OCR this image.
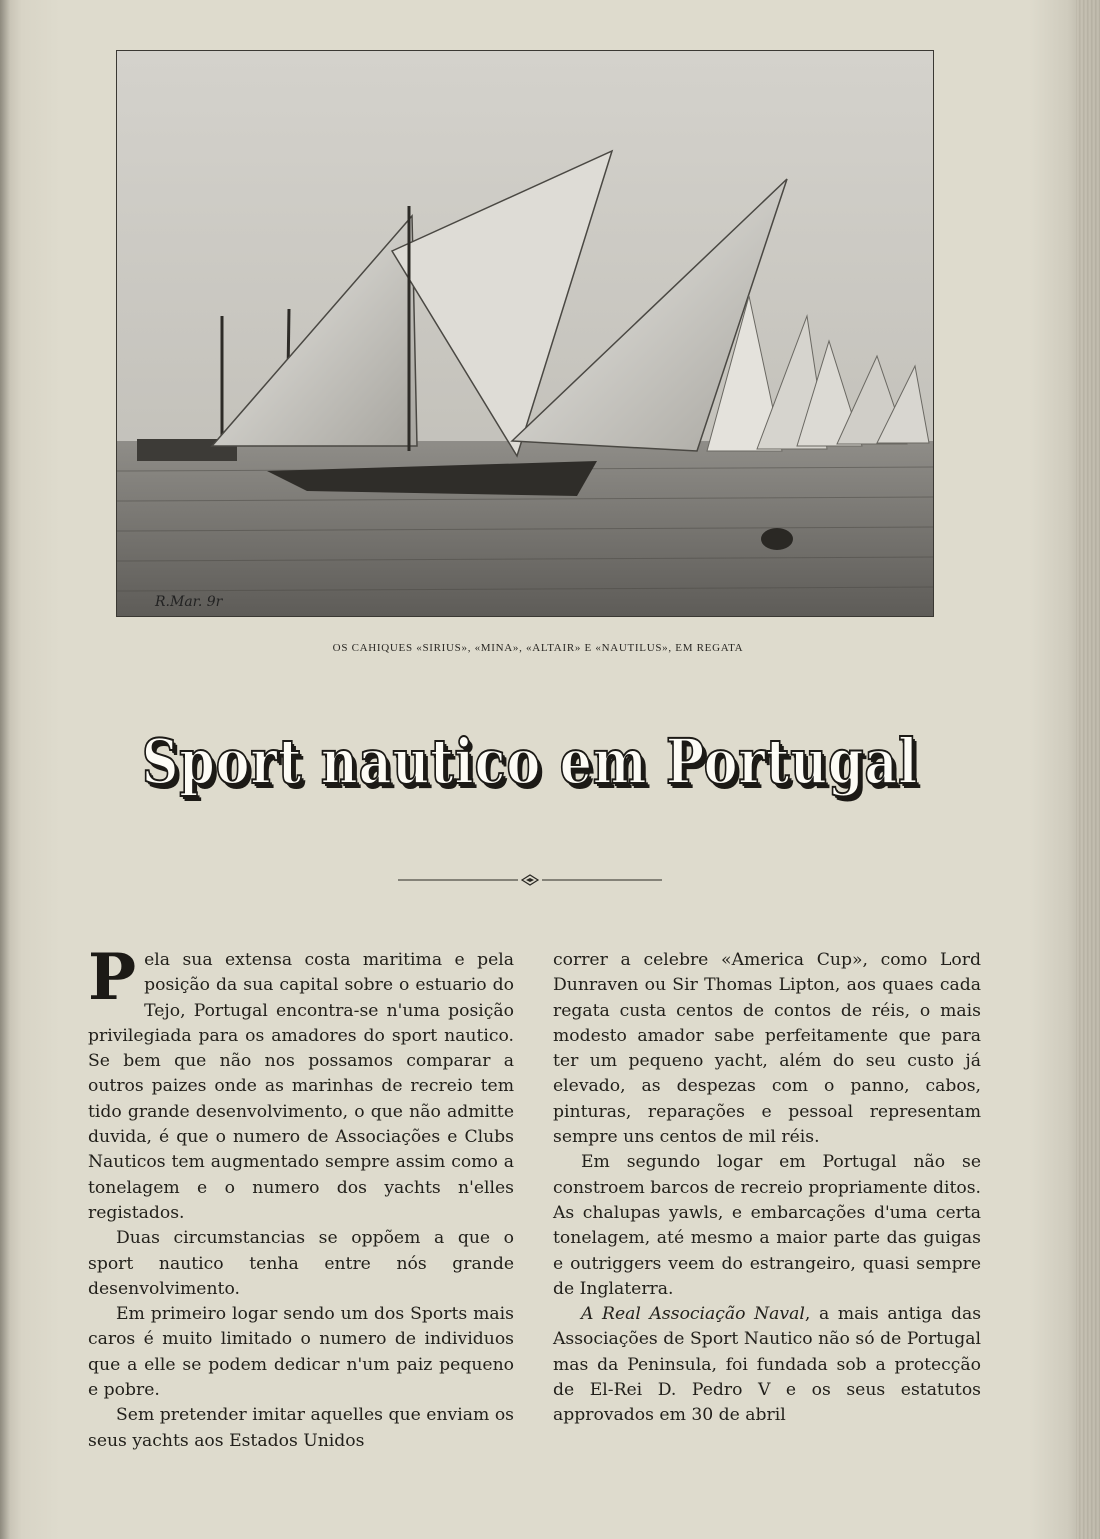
R.Mar. 9r
OS CAHIQUES «SIRIUS», «MINA», «ALTAIR» E «NAUTILUS», EM REGATA
Sport nautico em Portugal

Pela sua extensa costa maritima e pela posição da sua capital sobre o estuario do Tejo, Portugal encontra-se n'uma posição privilegiada para os amadores do sport nautico. Se bem que não nos possamos comparar a outros paizes onde as marinhas de recreio tem tido grande desenvolvimento, o que não admitte duvida, é que o numero de Associações e Clubs Nauticos tem augmentado sempre assim como a tonelagem e o numero dos yachts n'elles registados.

Duas circumstancias se oppõem a que o sport nautico tenha entre nós grande desenvolvimento.

Em primeiro logar sendo um dos Sports mais caros é muito limitado o numero de individuos que a elle se podem dedicar n'um paiz pequeno e pobre.

Sem pretender imitar aquelles que enviam os seus yachts aos Estados Unidos

correr a celebre «America Cup», como Lord Dunraven ou Sir Thomas Lipton, aos quaes cada regata custa centos de contos de réis, o mais modesto amador sabe perfeitamente que para ter um pequeno yacht, além do seu custo já elevado, as despezas com o panno, cabos, pinturas, reparações e pessoal representam sempre uns centos de mil réis.

Em segundo logar em Portugal não se constroem barcos de recreio propriamente ditos. As chalupas yawls, e embarcações d'uma certa tonelagem, até mesmo a maior parte das guigas e outriggers veem do estrangeiro, quasi sempre de Inglaterra.

A Real Associação Naval, a mais antiga das Associações de Sport Nautico não só de Portugal mas da Peninsula, foi fundada sob a protecção de El-Rei D. Pedro V e os seus estatutos approvados em 30 de abril
